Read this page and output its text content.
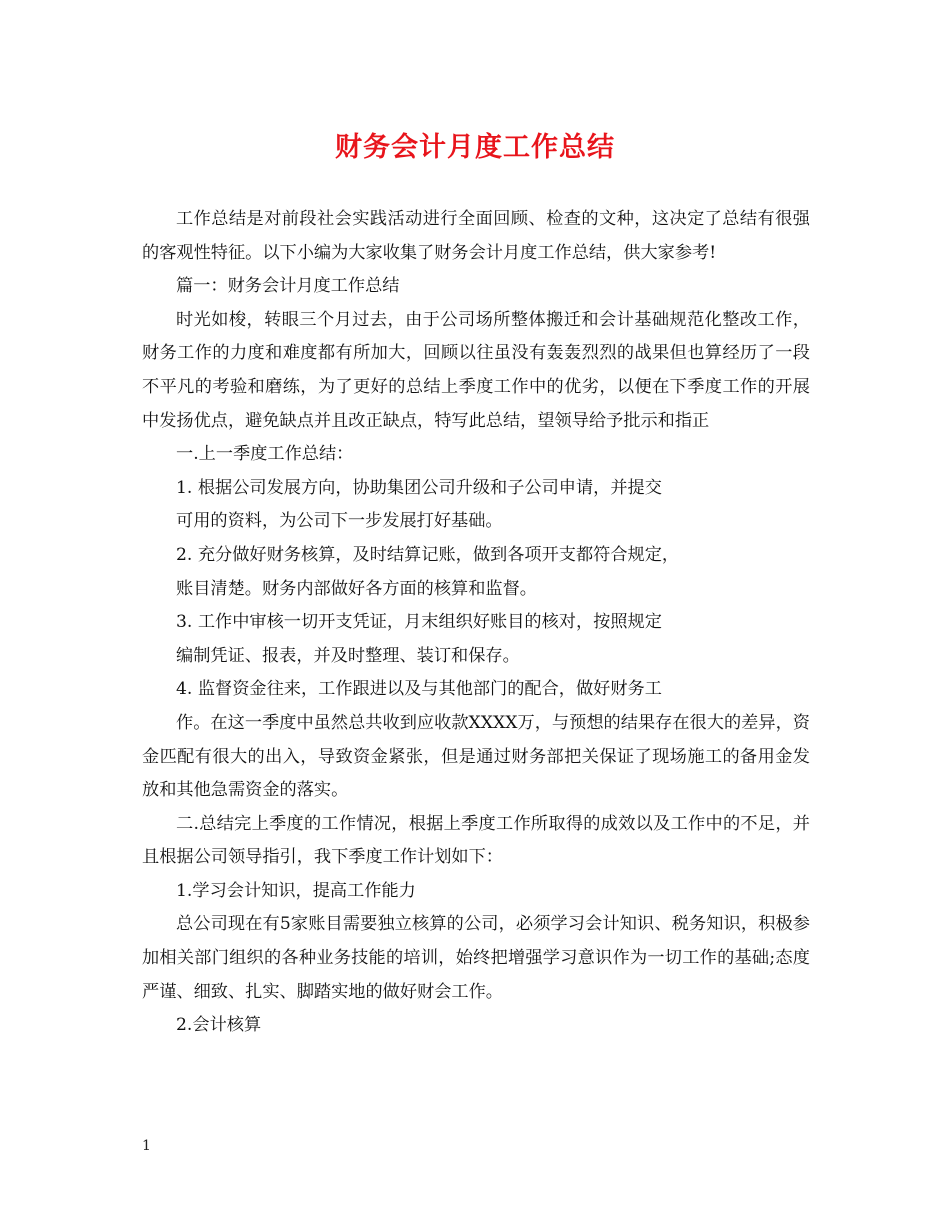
财务会计月度工作总结

工作总结是对前段社会实践活动进行全面回顾、检查的文种，这决定了总结有很强的客观性特征。以下小编为大家收集了财务会计月度工作总结，供大家参考!

篇一：财务会计月度工作总结

时光如梭，转眼三个月过去，由于公司场所整体搬迁和会计基础规范化整改工作，财务工作的力度和难度都有所加大，回顾以往虽没有轰轰烈烈的战果但也算经历了一段不平凡的考验和磨练，为了更好的总结上季度工作中的优劣，以便在下季度工作的开展中发扬优点，避免缺点并且改正缺点，特写此总结，望领导给予批示和指正

一.上一季度工作总结：

1. 根据公司发展方向，协助集团公司升级和子公司申请，并提交

可用的资料，为公司下一步发展打好基础。

2. 充分做好财务核算，及时结算记账，做到各项开支都符合规定，

账目清楚。财务内部做好各方面的核算和监督。

3. 工作中审核一切开支凭证，月末组织好账目的核对，按照规定

编制凭证、报表，并及时整理、装订和保存。

4. 监督资金往来，工作跟进以及与其他部门的配合，做好财务工

作。在这一季度中虽然总共收到应收款XXXX万，与预想的结果存在很大的差异，资金匹配有很大的出入，导致资金紧张，但是通过财务部把关保证了现场施工的备用金发放和其他急需资金的落实。

二.总结完上季度的工作情况，根据上季度工作所取得的成效以及工作中的不足，并且根据公司领导指引，我下季度工作计划如下：

1.学习会计知识，提高工作能力

总公司现在有5家账目需要独立核算的公司，必须学习会计知识、税务知识，积极参加相关部门组织的各种业务技能的培训，始终把增强学习意识作为一切工作的基础;态度严谨、细致、扎实、脚踏实地的做好财会工作。

2.会计核算

1
